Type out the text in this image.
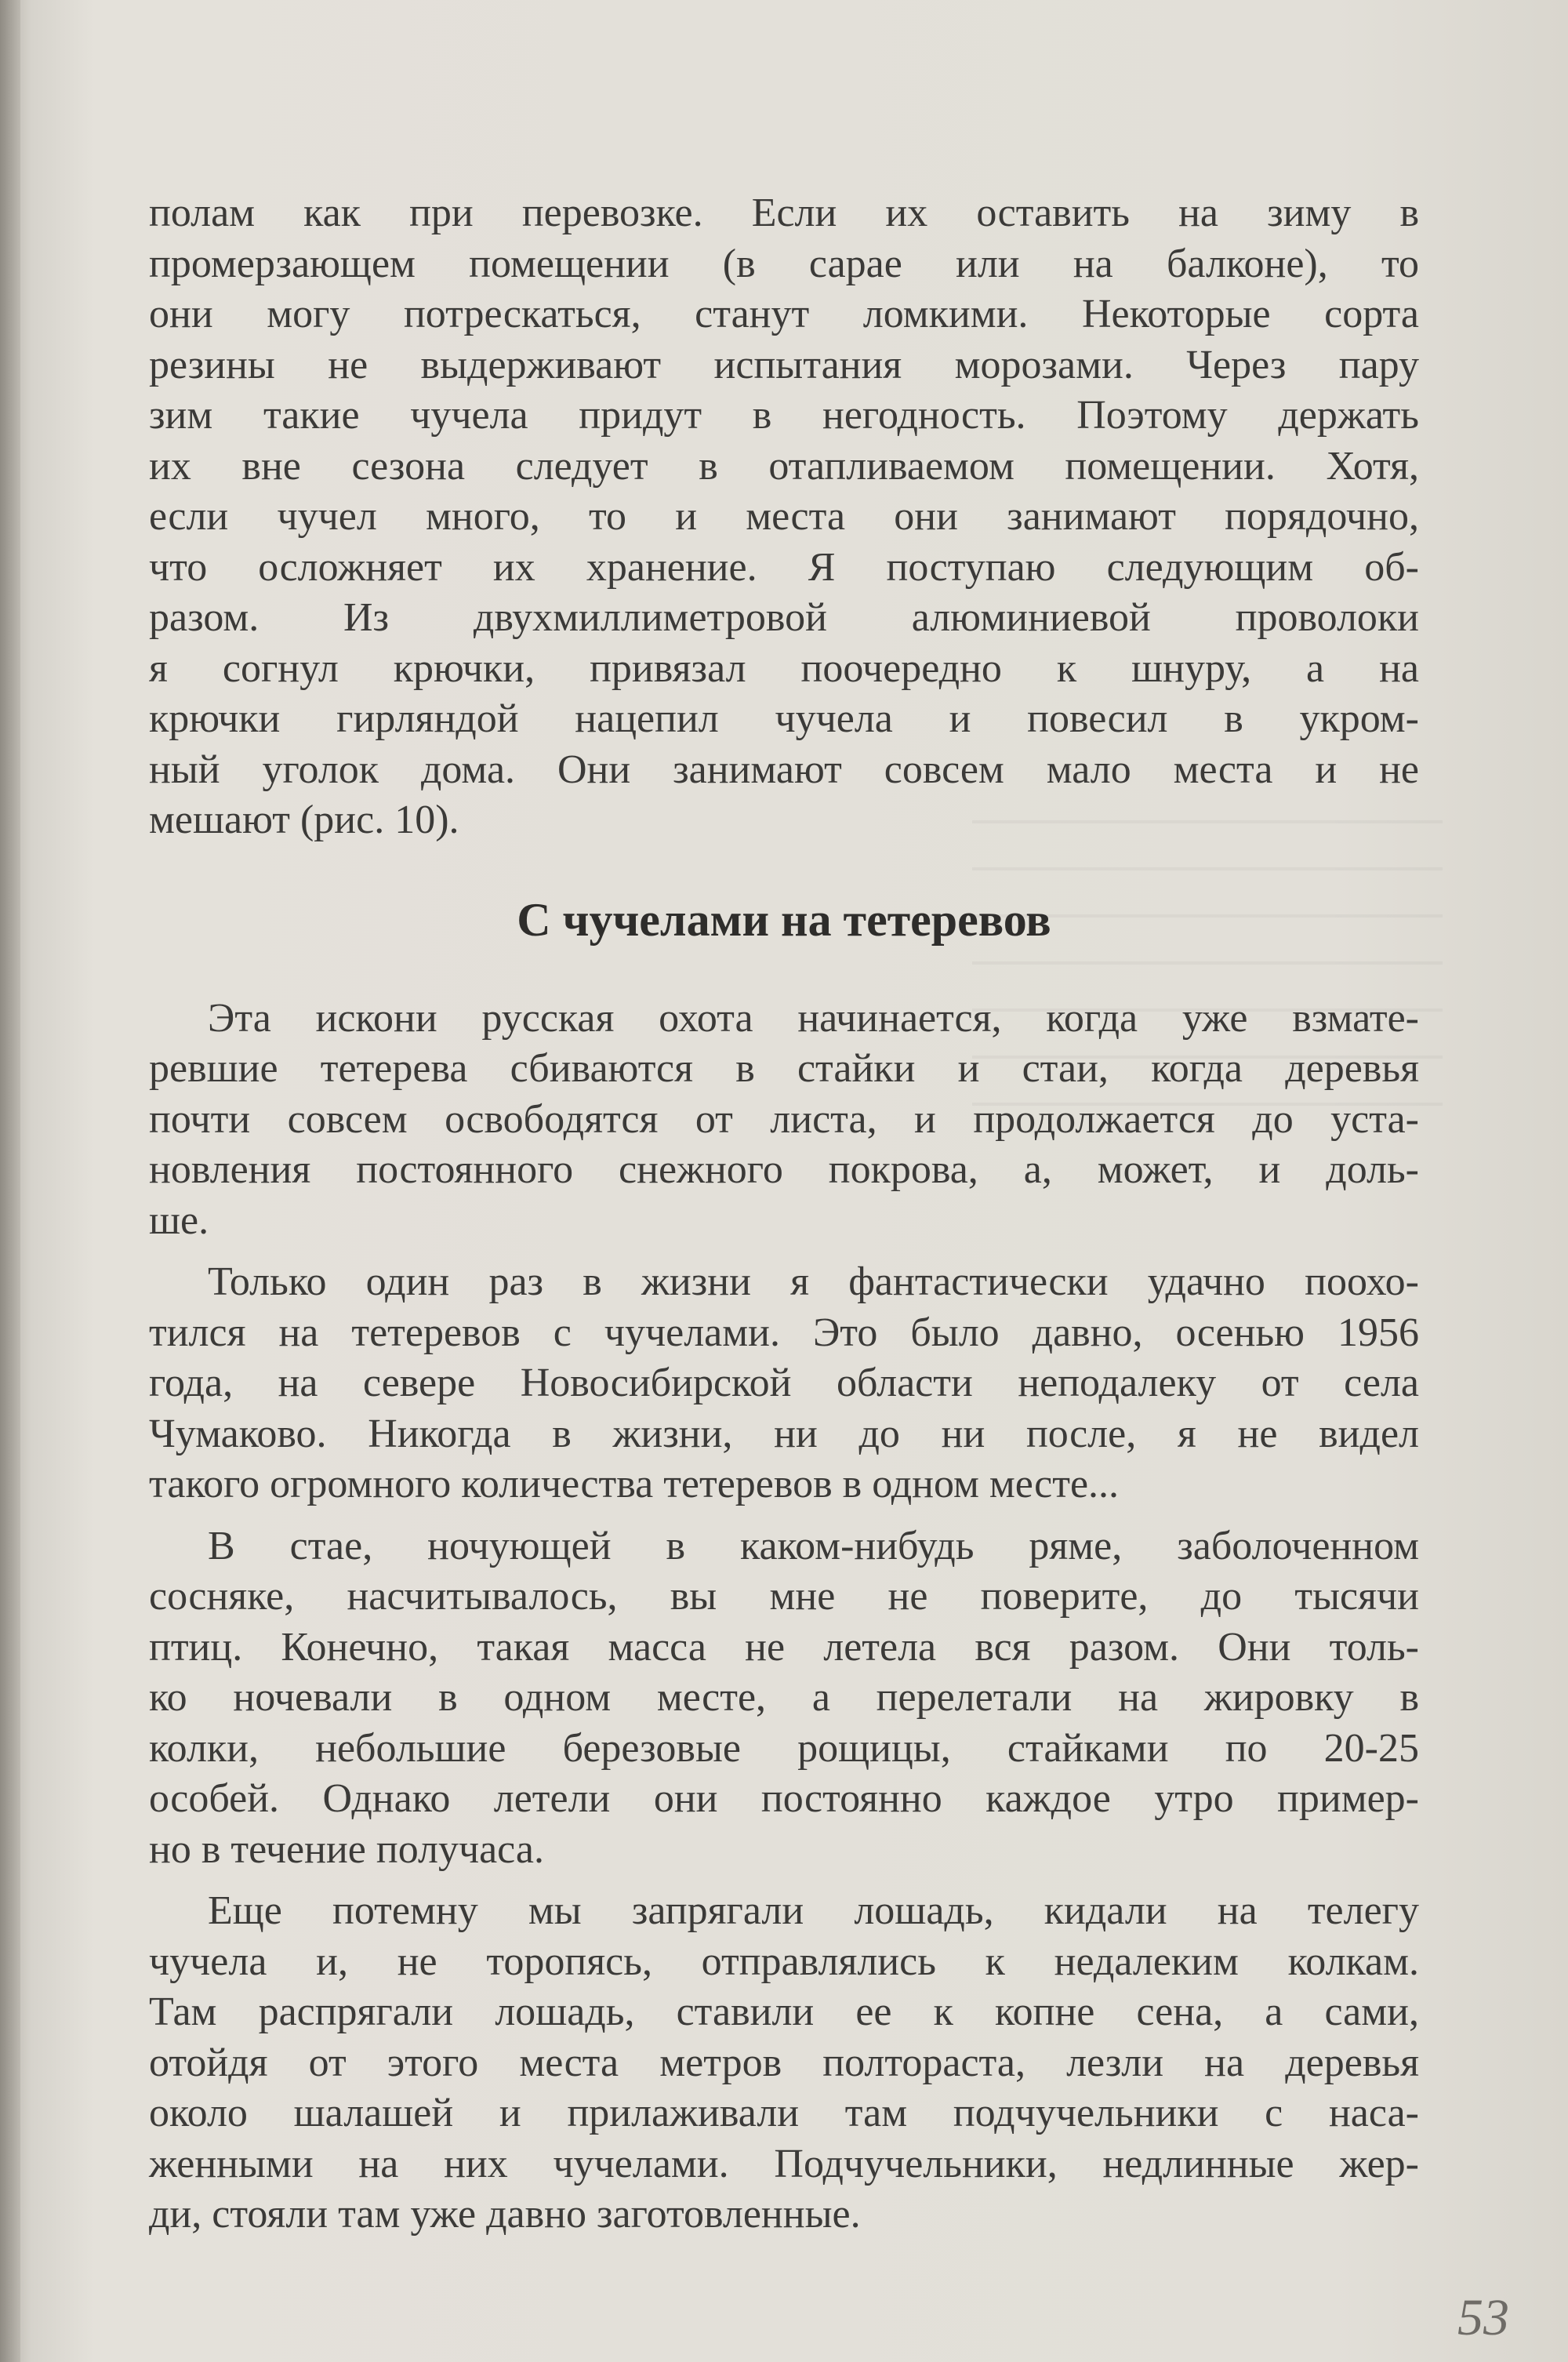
полам как при перевозке. Если их оставить на зиму в

промерзающем помещении (в сарае или на балконе), то

они могу потрескаться, станут ломкими. Некоторые сорта

резины не выдерживают испытания морозами. Через пару

зим такие чучела придут в негодность. Поэтому держать

их вне сезона следует в отапливаемом помещении. Хотя,

если чучел много, то и места они занимают порядочно,

что осложняет их хранение. Я поступаю следующим об-

разом. Из двухмиллиметровой алюминиевой проволоки

я согнул крючки, привязал поочередно к шнуру, а на

крючки гирляндой нацепил чучела и повесил в укром-

ный уголок дома. Они занимают совсем мало места и не

мешают (рис. 10).

С чучелами на тетеревов

Эта искони русская охота начинается, когда уже взмате-

ревшие тетерева сбиваются в стайки и стаи, когда деревья

почти совсем освободятся от листа, и продолжается до уста-

новления постоянного снежного покрова, а, может, и доль-

ше.

Только один раз в жизни я фантастически удачно поохо-

тился на тетеревов с чучелами. Это было давно, осенью 1956

года, на севере Новосибирской области неподалеку от села

Чумаково. Никогда в жизни, ни до ни после, я не видел

такого огромного количества тетеревов в одном месте...

В стае, ночующей в каком-нибудь ряме, заболоченном

сосняке, насчитывалось, вы мне не поверите, до тысячи

птиц. Конечно, такая масса не летела вся разом. Они толь-

ко ночевали в одном месте, а перелетали на жировку в

колки, небольшие березовые рощицы, стайками по 20-25

особей. Однако летели они постоянно каждое утро пример-

но в течение получаса.

Еще потемну мы запрягали лошадь, кидали на телегу

чучела и, не торопясь, отправлялись к недалеким колкам.

Там распрягали лошадь, ставили ее к копне сена, а сами,

отойдя от этого места метров полтораста, лезли на деревья

около шалашей и прилаживали там подчучельники с наса-

женными на них чучелами. Подчучельники, недлинные жер-

ди, стояли там уже давно заготовленные.

53
